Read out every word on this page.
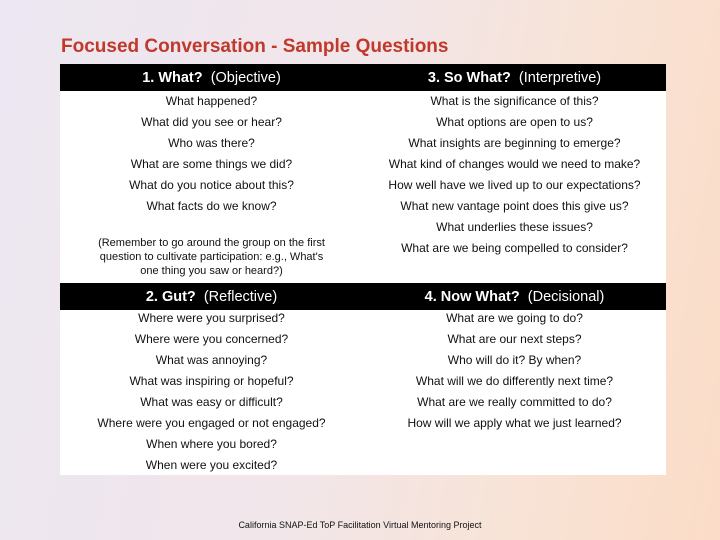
Focused Conversation - Sample Questions
1. What?
(Objective)	3. So What?
(Interpretive)
What happened?
What did you see or hear?
Who was there?
What are some things we did?
What do you notice about this?
What facts do we know?
(Remember to go around the group on the first
question to cultivate participation: e.g., What's
one thing you saw or heard?)
What is the significance of this?
What options are open to us?
What insights are beginning to emerge?
What kind of changes would we need to make?
How well have we lived up to our expectations?
What new vantage point does this give us?
What underlies these issues?
What are we being compelled to consider?
2. Gut?
(Reflective)	4. Now What?
(Decisional)
Where were you surprised?
Where were you concerned?
What was annoying?
What was inspiring or hopeful?
What was easy or difficult?
Where were you engaged or not engaged?
When where you bored?
When were you excited?
What are we going to do?
What are our next steps?
Who will do it? By when?
What will we do differently next time?
What are we really committed to do?
How will we apply what we just learned?
California SNAP-Ed ToP Facilitation Virtual Mentoring Project
